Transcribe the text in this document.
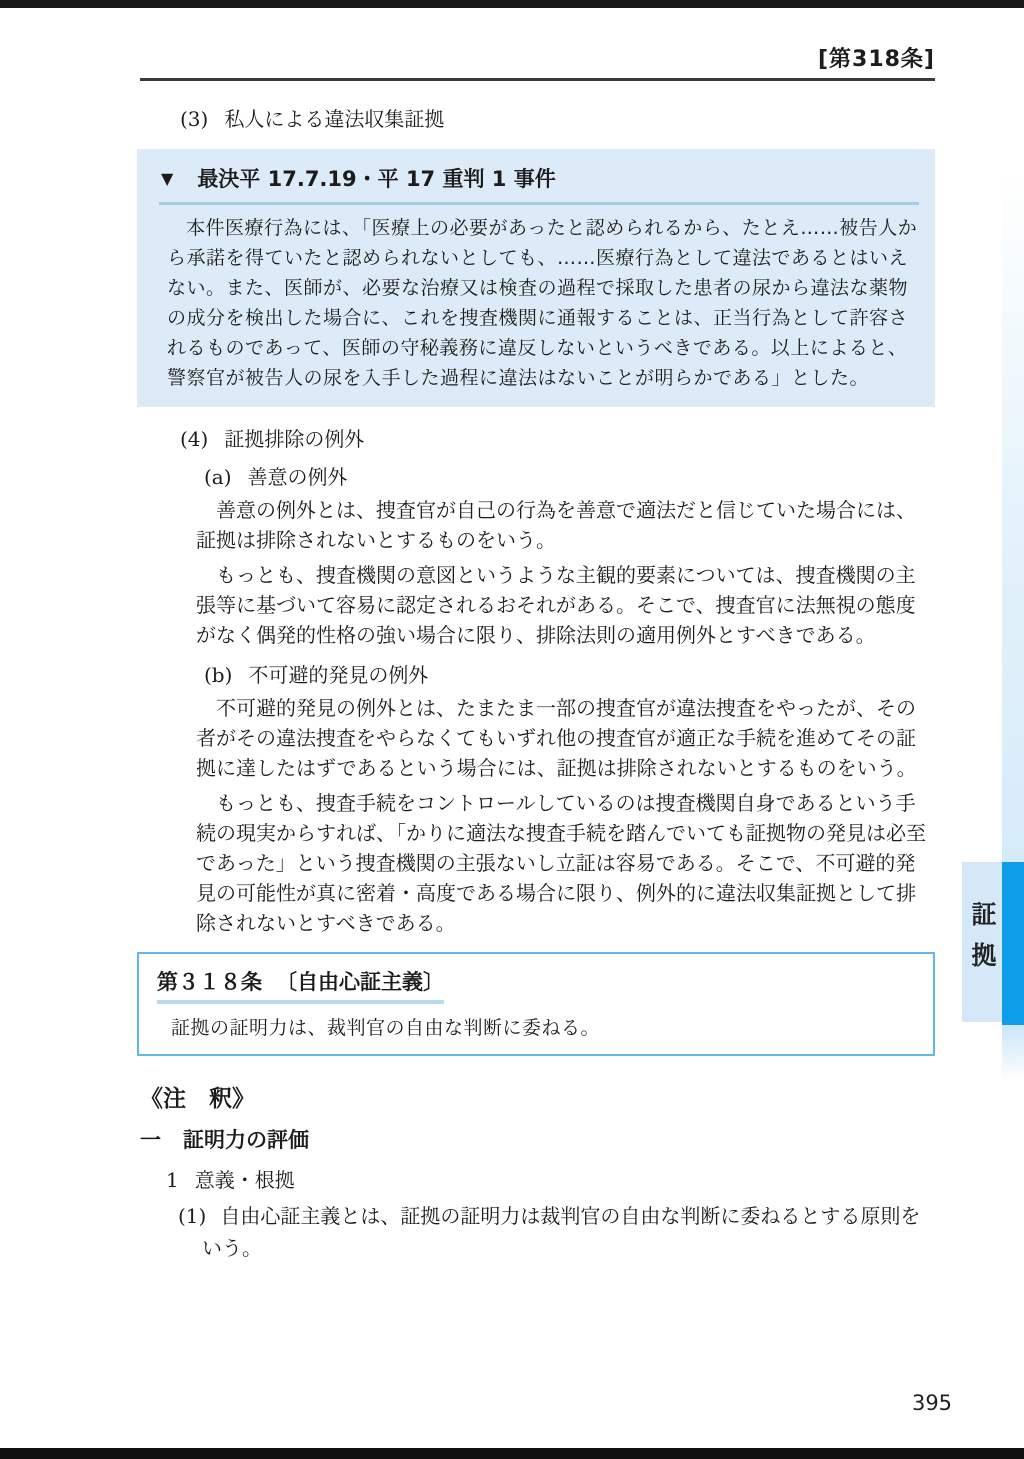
証拠
[第318条]
(3) 私人による違法収集証拠
▼ 最決平 17.7.19・平 17 重判 1 事件
本件医療行為には、「医療上の必要があったと認められるから、たとえ……被告人から承諾を得ていたと認められないとしても、……医療行為として違法であるとはいえない。また、医師が、必要な治療又は検査の過程で採取した患者の尿から違法な薬物の成分を検出した場合に、これを捜査機関に通報することは、正当行為として許容されるものであって、医師の守秘義務に違反しないというべきである。以上によると、警察官が被告人の尿を入手した過程に違法はないことが明らかである」とした。
(4) 証拠排除の例外
(a) 善意の例外
善意の例外とは、捜査官が自己の行為を善意で適法だと信じていた場合には、証拠は排除されないとするものをいう。
もっとも、捜査機関の意図というような主観的要素については、捜査機関の主張等に基づいて容易に認定されるおそれがある。そこで、捜査官に法無視の態度がなく偶発的性格の強い場合に限り、排除法則の適用例外とすべきである。
(b) 不可避的発見の例外
不可避的発見の例外とは、たまたま一部の捜査官が違法捜査をやったが、その者がその違法捜査をやらなくてもいずれ他の捜査官が適正な手続を進めてその証拠に達したはずであるという場合には、証拠は排除されないとするものをいう。
もっとも、捜査手続をコントロールしているのは捜査機関自身であるという手続の現実からすれば、「かりに適法な捜査手続を踏んでいても証拠物の発見は必至であった」という捜査機関の主張ないし立証は容易である。そこで、不可避的発見の可能性が真に密着・高度である場合に限り、例外的に違法収集証拠として排除されないとすべきである。
第３１８条 〔自由心証主義〕
証拠の証明力は、裁判官の自由な判断に委ねる。
《注　釈》
一 証明力の評価
1 意義・根拠
(1) 自由心証主義とは、証拠の証明力は裁判官の自由な判断に委ねるとする原則をいう。
395
